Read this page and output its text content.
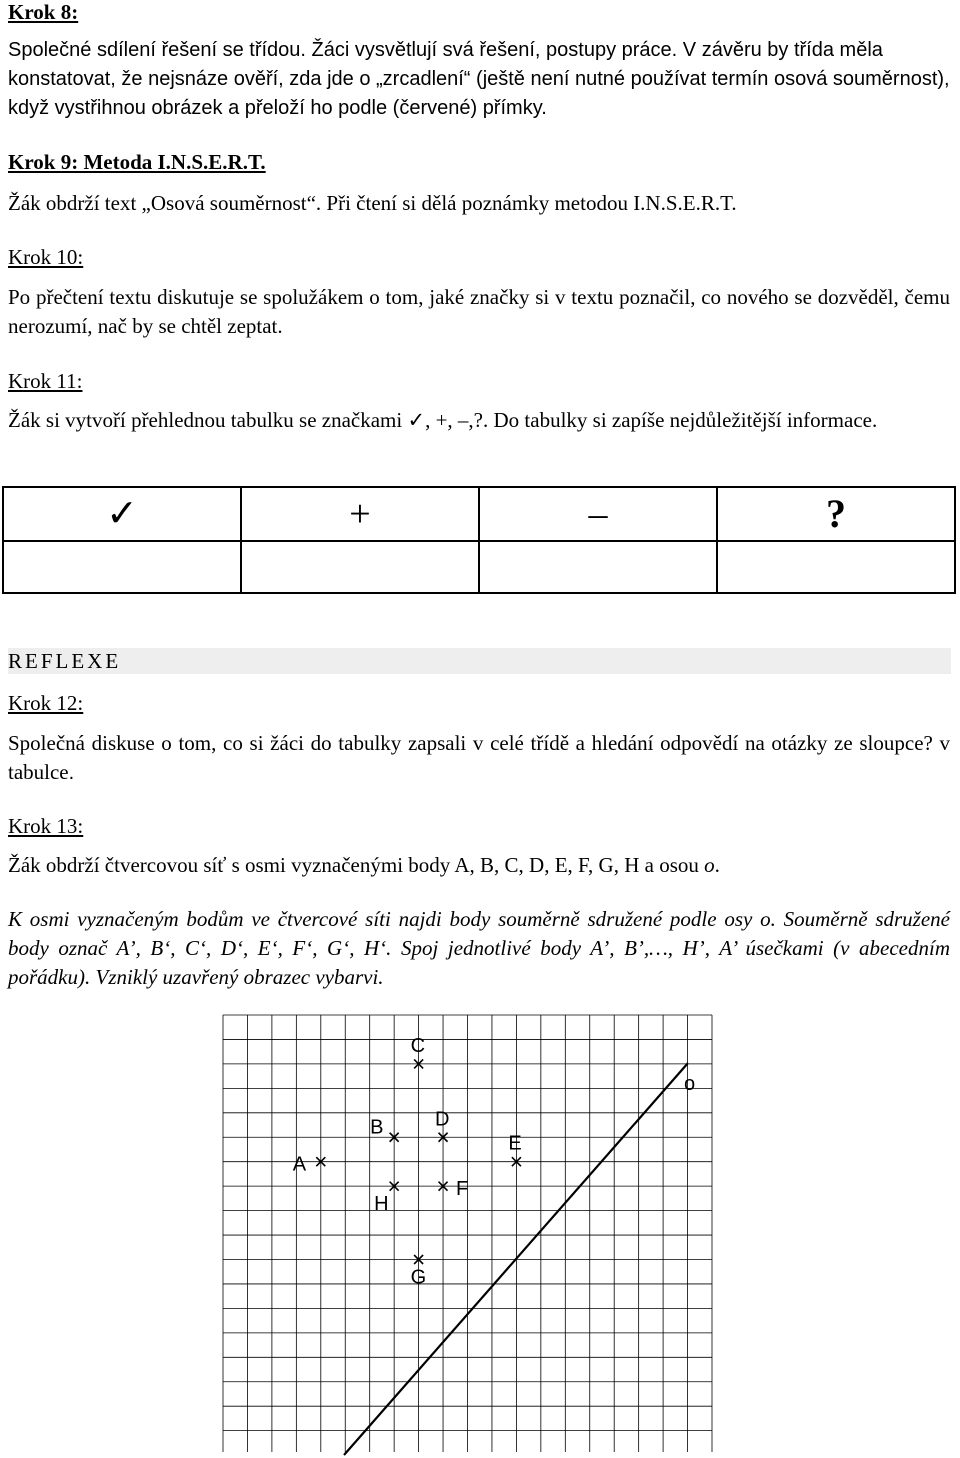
Krok 8:

Společné sdílení řešení se třídou. Žáci vysvětlují svá řešení, postupy práce. V závěru by třída měla konstatovat, že nejsnáze ověří, zda jde o „zrcadlení“ (ještě není nutné používat termín osová souměrnost), když vystřihnou obrázek a přeloží ho podle (červené) přímky.

Krok 9: Metoda I.N.S.E.R.T.

Žák obdrží text „Osová souměrnost“. Při čtení si dělá poznámky metodou I.N.S.E.R.T.

Krok 10:

Po přečtení textu diskutuje se spolužákem o tom, jaké značky si v textu poznačil, co nového se dozvěděl, čemu nerozumí, nač by se chtěl zeptat.

Krok 11:

Žák si vytvoří přehlednou tabulku se značkami ✓, +, –,?. Do tabulky si zapíše nejdůležitější informace.

✓	+	–	?

REFLEXE
Krok 12:

Společná diskuse o tom, co si žáci do tabulky zapsali v celé třídě a hledání odpovědí na otázky ze sloupce? v tabulce.

Krok 13:

Žák obdrží čtvercovou síť s osmi vyznačenými body A, B, C, D, E, F, G, H a osou o.

K osmi vyznačeným bodům ve čtvercové síti najdi body souměrně sdružené podle osy o. Souměrně sdružené body označ A’, B‘, C‘, D‘, E‘, F‘, G‘, H‘. Spoj jednotlivé body A’, B’,…, H’, A’ úsečkami (v abecedním pořádku). Vzniklý uzavřený obrazec vybarvi.

o
A
B
C
D
E
F
G
H
